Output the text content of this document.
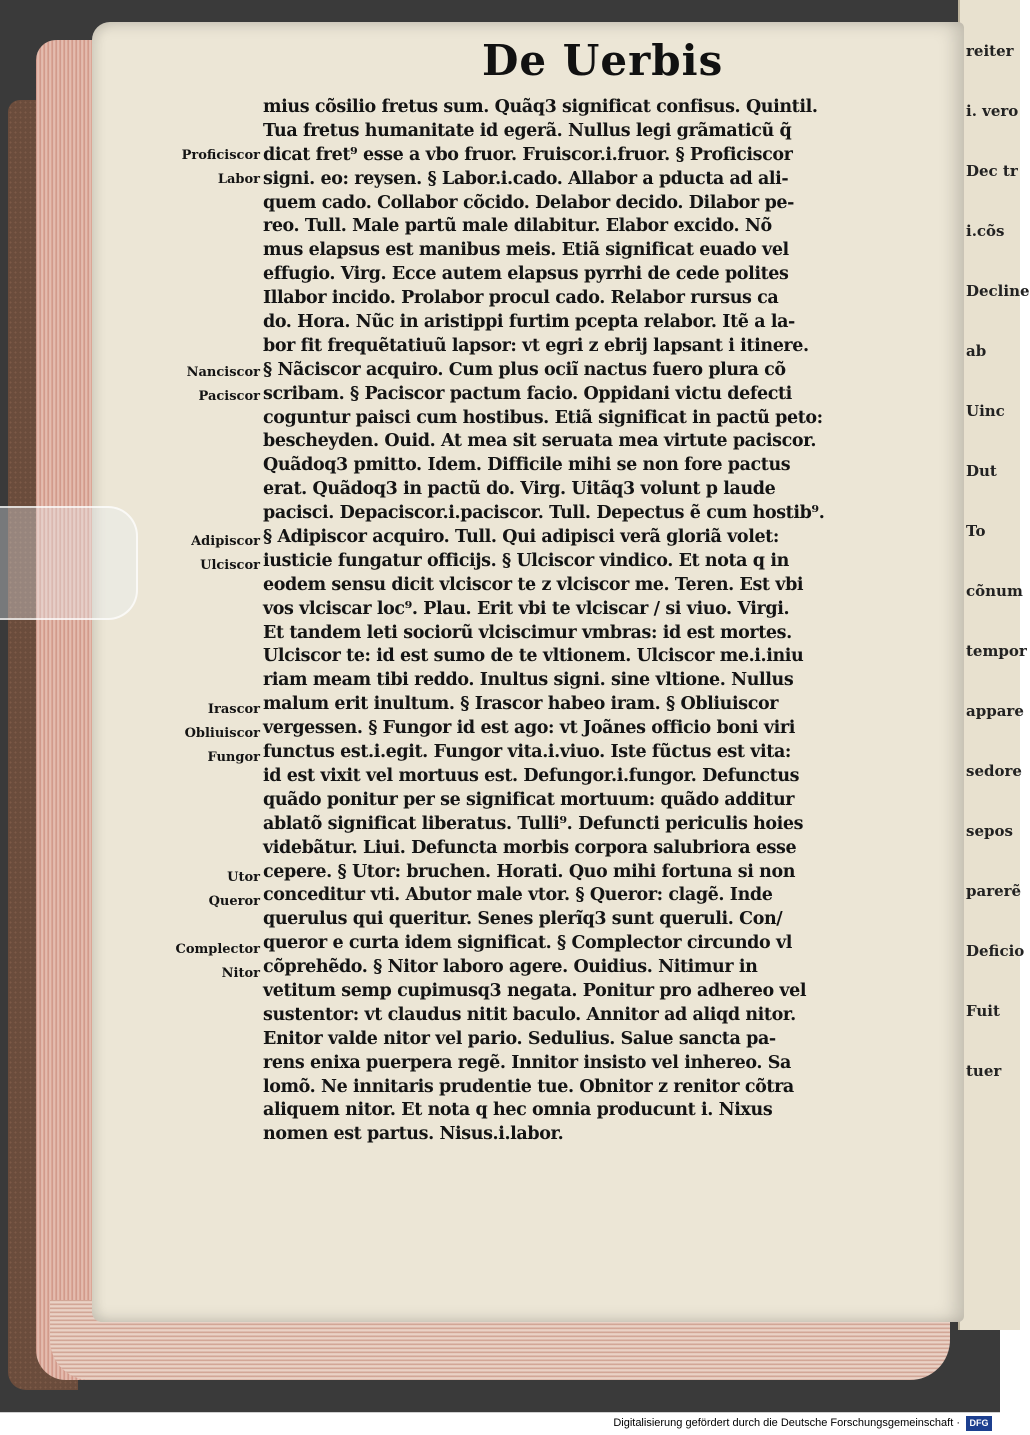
reiter
i. vero
Dec tr
i.cõs
Decline
ab
Uinc
Dut
To
cõnum
tempor
appare
sedore
sepos
parerẽ
Deficio
Fuit
tuer
De Uerbis
mius cõsilio fretus sum. Quãq3 significat confisus. Quintil.
Tua fretus humanitate id egerã. Nullus legi grãmaticũ q̃
dicat fret⁹ esse a vbo fruor. Fruiscor.i.fruor. § Proficiscor
signi. eo: reysen. § Labor.i.cado. Allabor a pducta ad ali-
quem cado. Collabor cõcido. Delabor decido. Dilabor pe-
reo. Tull. Male partũ male dilabitur. Elabor excido. Nõ
mus elapsus est manibus meis. Etiã significat euado vel
effugio. Virg. Ecce autem elapsus pyrrhi de cede polites
Illabor incido. Prolabor procul cado. Relabor rursus ca
do. Hora. Nũc in aristippi furtim pcepta relabor. Itẽ a la-
bor fit frequẽtatiuũ lapsor: vt egri z ebrij lapsant i itinere.
§ Nãciscor acquiro. Cum plus ociĩ nactus fuero plura cõ
scribam. § Paciscor pactum facio. Oppidani victu defecti
coguntur paisci cum hostibus. Etiã significat in pactũ peto:
bescheyden. Ouid. At mea sit seruata mea virtute paciscor.
Quãdoq3 pmitto. Idem. Difficile mihi se non fore pactus
erat. Quãdoq3 in pactũ do. Virg. Uitãq3 volunt p laude
pacisci. Depaciscor.i.paciscor. Tull. Depectus ẽ cum hostib⁹.
§ Adipiscor acquiro. Tull. Qui adipisci verã gloriã volet:
iusticie fungatur officijs. § Ulciscor vindico. Et nota q in
eodem sensu dicit vlciscor te z vlciscor me. Teren. Est vbi
vos vlciscar loc⁹. Plau. Erit vbi te vlciscar / si viuo. Virgi.
Et tandem leti sociorũ vlciscimur vmbras: id est mortes.
Ulciscor te: id est sumo de te vltionem. Ulciscor me.i.iniu
riam meam tibi reddo. Inultus signi. sine vltione. Nullus
malum erit inultum. § Irascor habeo iram. § Obliuiscor
vergessen. § Fungor id est ago: vt Joãnes officio boni viri
functus est.i.egit. Fungor vita.i.viuo. Iste fũctus est vita:
id est vixit vel mortuus est. Defungor.i.fungor. Defunctus
quãdo ponitur per se significat mortuum: quãdo additur
ablatõ significat liberatus. Tulli⁹. Defuncti periculis hoies
videbãtur. Liui. Defuncta morbis corpora salubriora esse
cepere. § Utor: bruchen. Horati. Quo mihi fortuna si non
conceditur vti. Abutor male vtor. § Queror: clagẽ. Inde
querulus qui queritur. Senes plerĩq3 sunt queruli. Con/
queror e curta idem significat. § Complector circundo vl
cõprehẽdo. § Nitor laboro agere. Ouidius. Nitimur in
vetitum semp cupimusq3 negata. Ponitur pro adhereo vel
sustentor: vt claudus nitit baculo. Annitor ad aliqd nitor.
Enitor valde nitor vel pario. Sedulius. Salue sancta pa-
rens enixa puerpera regẽ. Innitor insisto vel inhereo. Sa
lomõ. Ne innitaris prudentie tue. Obnitor z renitor cõtra
aliquem nitor. Et nota q hec omnia producunt i. Nixus
nomen est partus. Nisus.i.labor.
Proficiscor
Labor
Nanciscor
Paciscor
Adipiscor
Ulciscor
Irascor
Obliuiscor
Fungor
Utor
Queror
Complector
Nitor
Digitalisierung gefördert durch die Deutsche Forschungsgemeinschaft ·	DFG
